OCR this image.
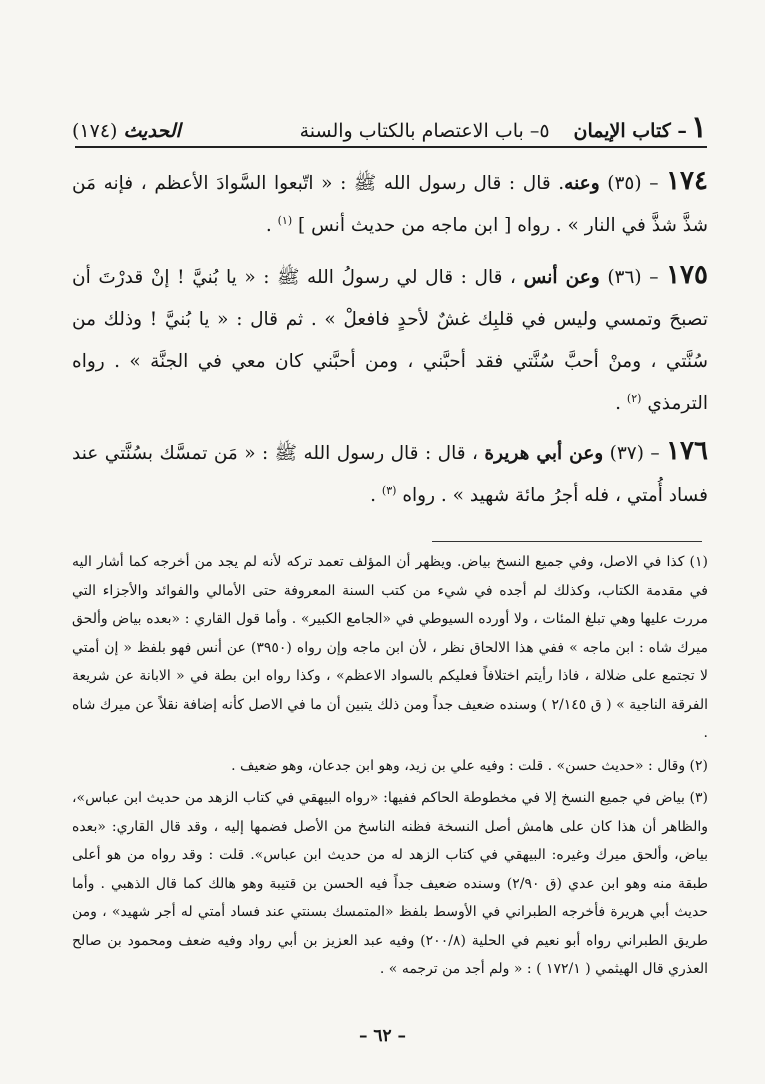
١
– كتاب الإيمان
٥– باب الاعتصام بالكتاب والسنة
الحديث (١٧٤)
١٧٤ – (٣٥) وعنه. قال : قال رسول الله ﷺ : « اتّبعوا السَّوادَ الأعظم ، فإنه مَن شذَّ شذَّ في النار » . رواه [ ابن ماجه من حديث أنس ] $^{(١)}$ .
١٧٥ – (٣٦) وعن أنس ، قال : قال لي رسولُ الله ﷺ : « يا بُنيَّ ! إنْ قدرْتَ أن تصبحَ وتمسي وليس في قلبِك غشٌ لأحدٍ فافعلْ » . ثم قال : « يا بُنيَّ ! وذلك من سُنَّتي ، ومنْ أحبَّ سُنَّتي فقد أحبَّني ، ومن أحبَّني كان معي في الجنَّة » . رواه الترمذي $^{(٢)}$ .
١٧٦ – (٣٧) وعن أبي هريرة ، قال : قال رسول الله ﷺ : « مَن تمسَّك بسُنَّتي عند فساد أُمتي ، فله أجرُ مائة شهيد » . رواه $^{(٣)}$ .

(١) كذا في الاصل، وفي جميع النسخ بياض. ويظهر أن المؤلف تعمد تركه لأنه لم يجد من أخرجه كما أشار اليه في مقدمة الكتاب، وكذلك لم أجده في شيء من كتب السنة المعروفة حتى الأمالي والفوائد والأجزاء التي مررت عليها وهي تبلغ المئات ، ولا أورده السيوطي في «الجامع الكبير» . وأما قول القاري : «بعده بياض وألحق ميرك شاه : ابن ماجه » ففي هذا الالحاق نظر ، لأن ابن ماجه وإن رواه (٣٩٥٠) عن أنس فهو بلفظ « إن أمتي لا تجتمع على ضلالة ، فاذا رأيتم اختلافاً فعليكم بالسواد الاعظم» ، وكذا رواه ابن بطة في « الابانة عن شريعة الفرقة الناجية » ( ق ٢/١٤٥ ) وسنده ضعيف جداً ومن ذلك يتبين أن ما في الاصل كأنه إضافة نقلاً عن ميرك شاه .

(٢) وقال : «حديث حسن» . قلت : وفيه علي بن زيد، وهو ابن جدعان، وهو ضعيف .

(٣) بياض في جميع النسخ إلا في مخطوطة الحاكم ففيها: «رواه البيهقي في كتاب الزهد من حديث ابن عباس»، والظاهر أن هذا كان على هامش أصل النسخة فظنه الناسخ من الأصل فضمها إليه ، وقد قال القاري: «بعده بياض، وألحق ميرك وغيره: البيهقي في كتاب الزهد له من حديث ابن عباس». قلت : وقد رواه من هو أعلى طبقة منه وهو ابن عدي (ق ٢/٩٠) وسنده ضعيف جداً فيه الحسن بن قتيبة وهو هالك كما قال الذهبي . وأما حديث أبي هريرة فأخرجه الطبراني في الأوسط بلفظ «المتمسك بسنتي عند فساد أمتي له أجر شهيد» ، ومن طريق الطبراني رواه أبو نعيم في الحلية (٢٠٠/٨) وفيه عبد العزيز بن أبي رواد وفيه ضعف ومحمود بن صالح العذري قال الهيثمي ( ١٧٢/١ ) : « ولم أجد من ترجمه » .

– ٦٢ –
